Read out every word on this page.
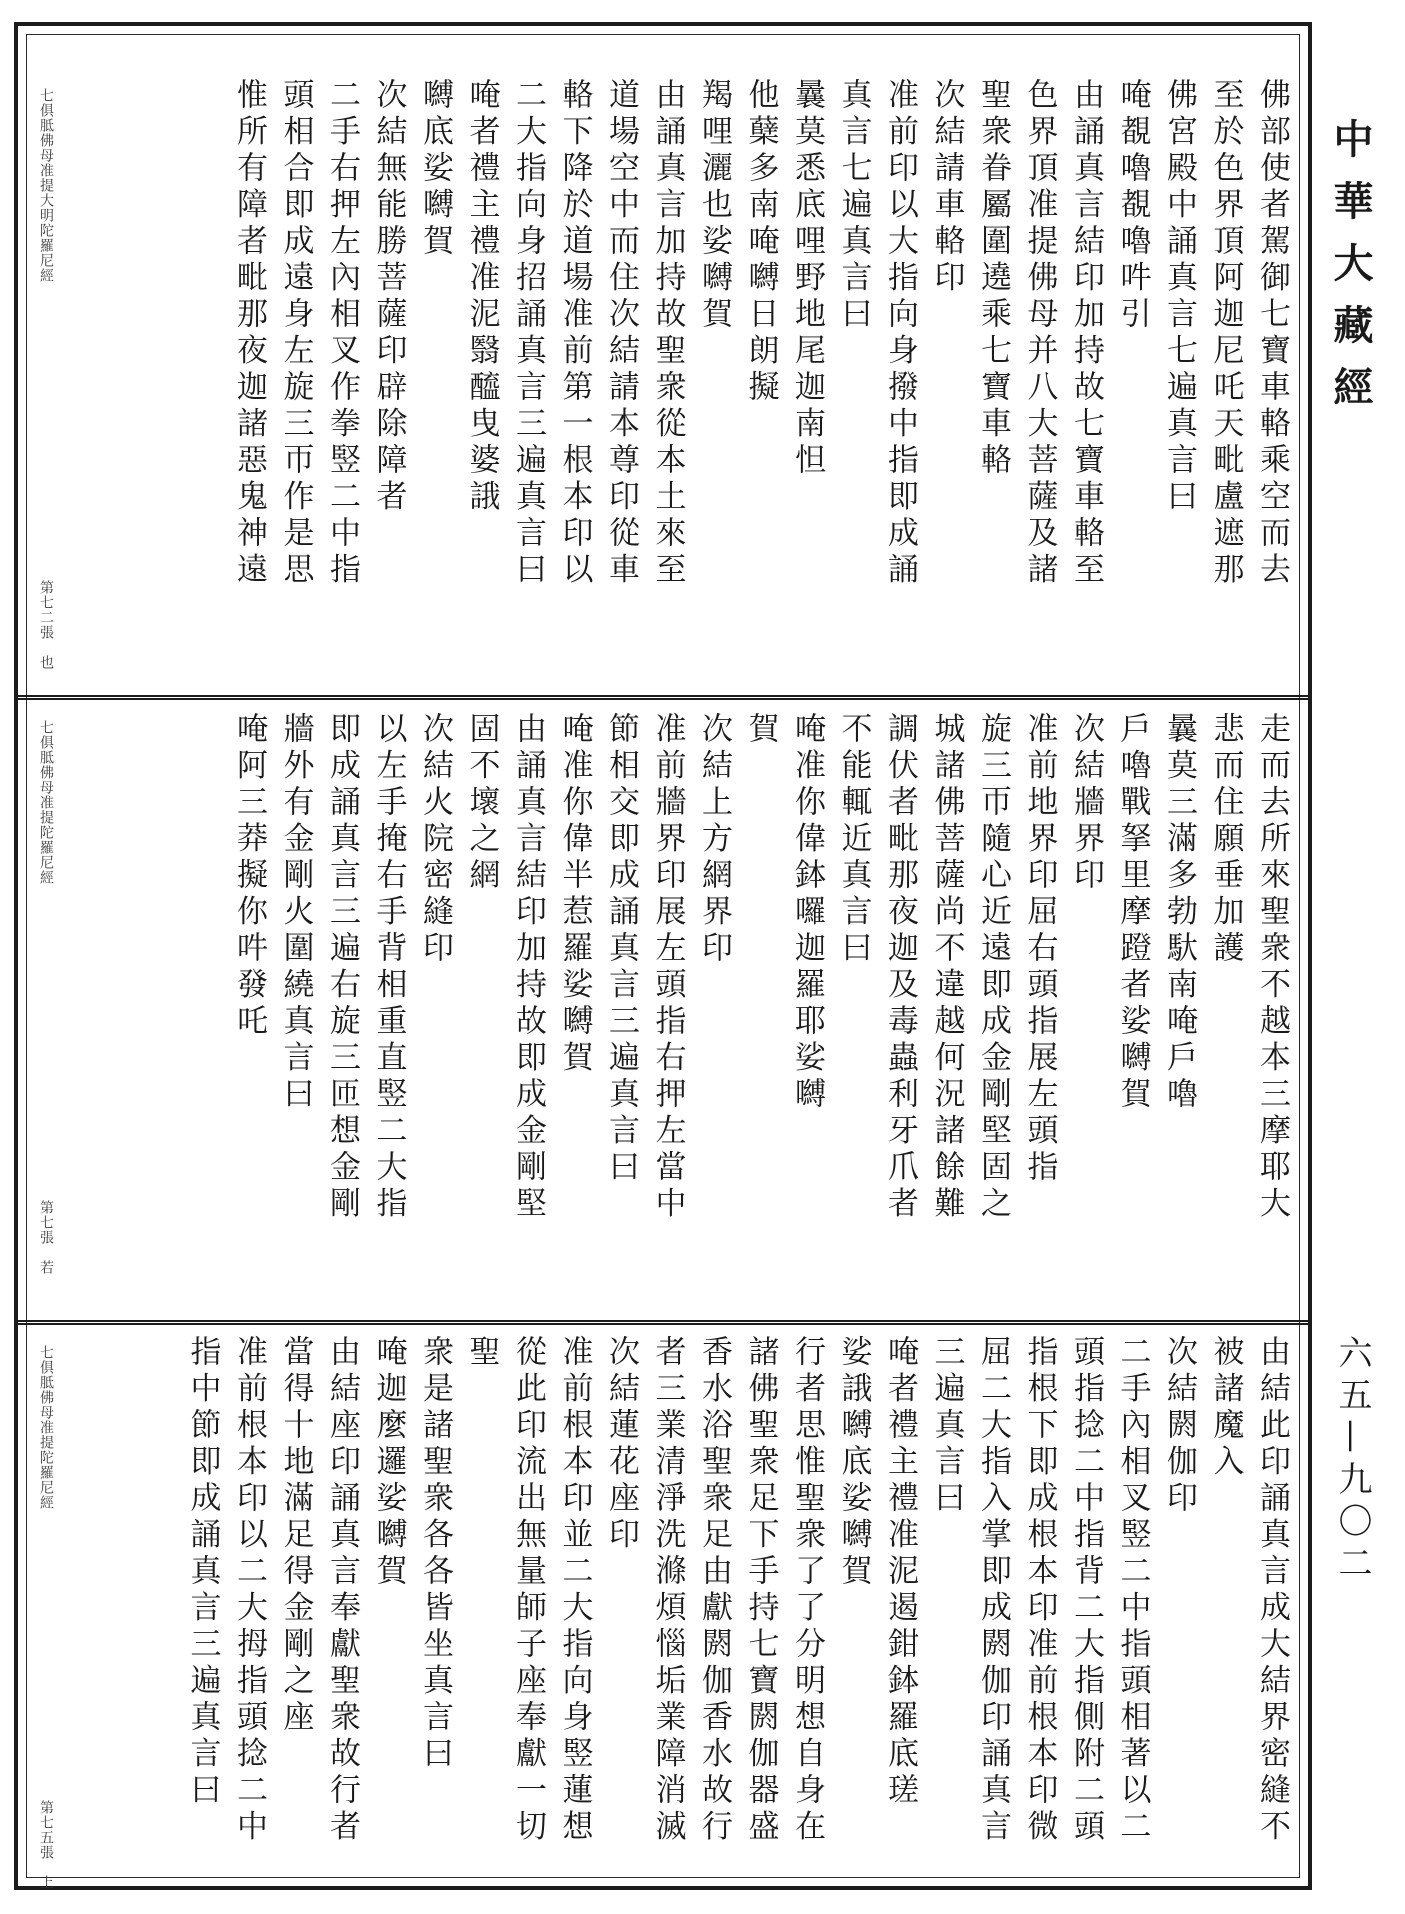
佛部使者駕御七寶車輅乘空而去
至於色界頂阿迦尼吒天毗盧遮那
佛宮殿中誦真言七遍真言曰
唵覩嚕覩嚕吽引
由誦真言結印加持故七寶車輅至
色界頂准提佛母并八大菩薩及諸
聖衆眷屬圍遶乘七寶車輅
次結請車輅印
准前印以大指向身撥中指即成誦
真言七遍真言曰
曩莫悉底哩野地尾迦南怛
他蘖多南唵嚩日朗擬
羯哩灑也娑嚩賀
由誦真言加持故聖衆從本土來至
道場空中而住次結請本尊印從車
輅下降於道場准前第一根本印以
二大指向身招誦真言三遍真言曰
唵者禮主禮准泥翳醯曳婆誐
嚩底娑嚩賀
次結無能勝菩薩印辟除障者
二手右押左內相叉作拳竪二中指
頭相合即成遠身左旋三帀作是思
惟所有障者毗那夜迦諸惡鬼神遠
七俱胝佛母准提大明陀羅尼經
第七二張　也
走而去所來聖衆不越本三摩耶大
悲而住願垂加護
曩莫三滿多勃馱南唵戶嚕
戶嚕戰拏里摩蹬者娑嚩賀
次結牆界印
准前地界印屈右頭指展左頭指
旋三帀隨心近遠即成金剛堅固之
城諸佛菩薩尚不違越何況諸餘難
調伏者毗那夜迦及毒蟲利牙爪者
不能輒近真言曰
唵准你偉鉢囉迦羅耶娑嚩
賀
次結上方網界印
准前牆界印展左頭指右押左當中
節相交即成誦真言三遍真言曰
唵准你偉半惹羅娑嚩賀
由誦真言結印加持故即成金剛堅
固不壞之網
次結火院密縫印
以左手掩右手背相重直竪二大指
即成誦真言三遍右旋三匝想金剛
牆外有金剛火圍繞真言曰
唵阿三莽擬你吽發吒
七俱胝佛母准提陀羅尼經
第七張　若
由結此印誦真言成大結界密縫不
被諸魔入
次結閼伽印
二手內相叉竪二中指頭相著以二
頭指捻二中指背二大指側附二頭
指根下即成根本印准前根本印微
屈二大指入掌即成閼伽印誦真言
三遍真言曰
唵者禮主禮准泥遏鉗鉢羅底瑳
娑誐嚩底娑嚩賀
行者思惟聖衆了了分明想自身在
諸佛聖衆足下手持七寶閼伽器盛
香水浴聖衆足由獻閼伽香水故行
者三業清淨洗滌煩惱垢業障消滅
次結蓮花座印
准前根本印並二大指向身竪蓮想
從此印流出無量師子座奉獻一切聖
衆是諸聖衆各各皆坐真言曰
唵迦麼邏娑嚩賀
由結座印誦真言奉獻聖衆故行者
當得十地滿足得金剛之座
准前根本印以二大拇指頭捻二中
指中節即成誦真言三遍真言曰
七俱胝佛母准提陀羅尼經
第七五張　上
中華大藏經
六五—九〇二
